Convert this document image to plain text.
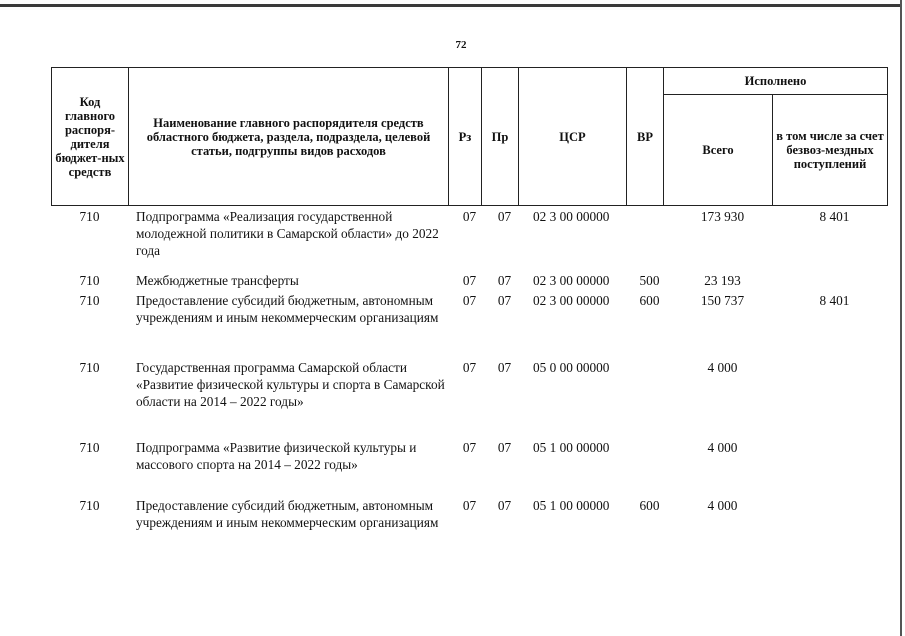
72
Код главного распоря-дителя бюджет-ных средств	Наименование главного распорядителя средств областного бюджета, раздела, подраздела, целевой статьи, подгруппы видов расходов	Рз	Пр	ЦСР	ВР	Исполнено	
						Всего	в том числе за счет безвоз-мездных поступлений
710	Подпрограмма «Реализация государственной молодежной политики в Самарской области» до 2022 года	07	07	02 3 00 00000		173 930	8 401
710	Межбюджетные трансферты	07	07	02 3 00 00000	500	23 193	
710	Предоставление субсидий бюджетным, автономным учреждениям и иным некоммерческим организациям	07	07	02 3 00 00000	600	150 737	8 401
710	Государственная программа Самарской области «Развитие физической культуры и спорта в Самарской области на 2014 – 2022 годы»	07	07	05 0 00 00000		4 000	
710	Подпрограмма «Развитие физической культуры и массового спорта на 2014 – 2022 годы»	07	07	05 1 00 00000		4 000	
710	Предоставление субсидий бюджетным, автономным учреждениям и иным некоммерческим организациям	07	07	05 1 00 00000	600	4 000	
